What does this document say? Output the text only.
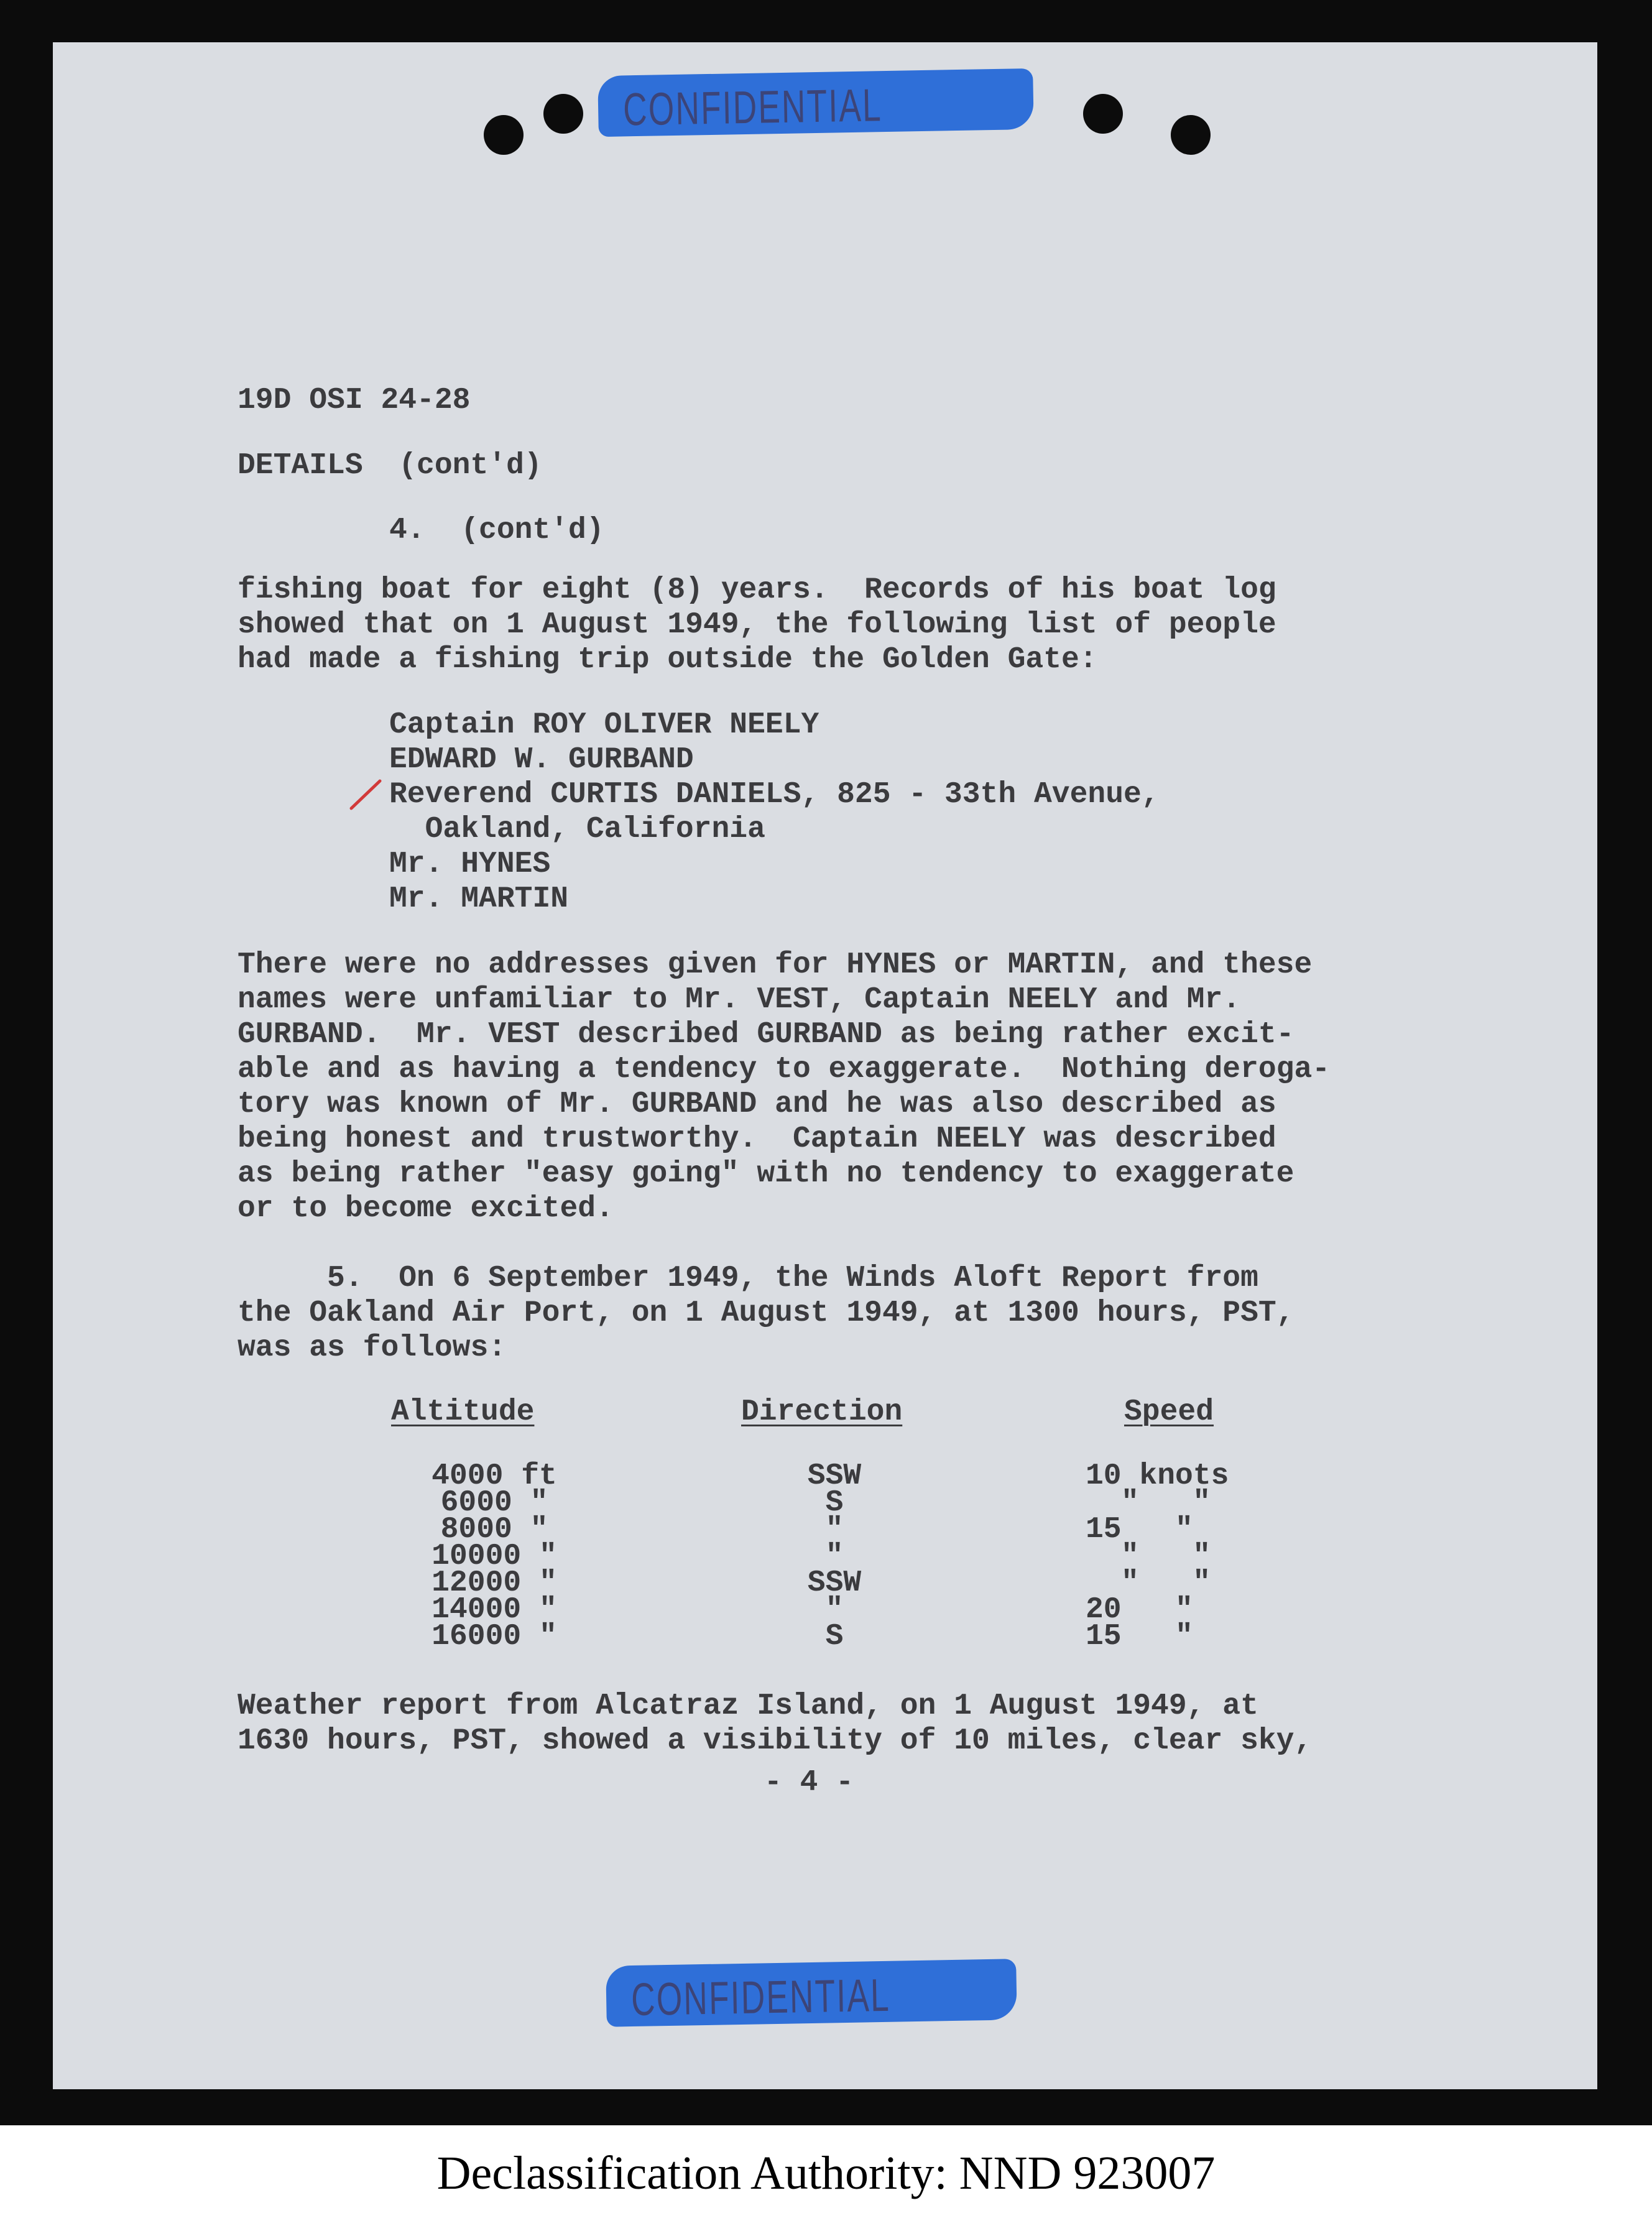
CONFIDENTIAL
19D OSI 24-28
DETAILS  (cont'd)
4.  (cont'd)
fishing boat for eight (8) years.  Records of his boat log
showed that on 1 August 1949, the following list of people
had made a fishing trip outside the Golden Gate:
Captain ROY OLIVER NEELY
EDWARD W. GURBAND
Reverend CURTIS DANIELS, 825 - 33th Avenue,
Oakland, California
Mr. HYNES
Mr. MARTIN
There were no addresses given for HYNES or MARTIN, and these
names were unfamiliar to Mr. VEST, Captain NEELY and Mr.
GURBAND.  Mr. VEST described GURBAND as being rather excit-
able and as having a tendency to exaggerate.  Nothing deroga-
tory was known of Mr. GURBAND and he was also described as
being honest and trustworthy.  Captain NEELY was described
as being rather "easy going" with no tendency to exaggerate
or to become excited.
5.  On 6 September 1949, the Winds Aloft Report from
the Oakland Air Port, on 1 August 1949, at 1300 hours, PST,
was as follows:
Altitude	Direction	Speed
4000 ft	SSW	10 knots
6000 "	S	"   "
8000 "	"	15   "
10000 "	"	"   "
12000 "	SSW	"   "
14000 "	"	20   "
16000 "	S	15   "
Weather report from Alcatraz Island, on 1 August 1949, at
1630 hours, PST, showed a visibility of 10 miles, clear sky,
- 4 -
CONFIDENTIAL
Declassification Authority: NND 923007
